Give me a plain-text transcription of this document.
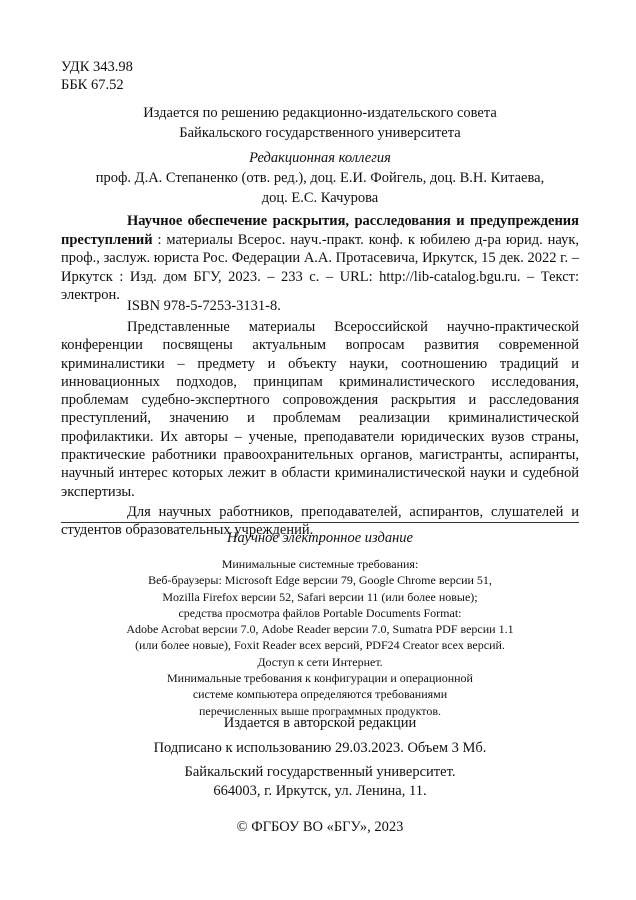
УДК 343.98
ББК 67.52
Издается по решению редакционно-издательского совета
Байкальского государственного университета
Редакционная коллегия
проф. Д.А. Степаненко (отв. ред.), доц. Е.И. Фойгель, доц. В.Н. Китаева,
доц. Е.С. Качурова

Научное обеспечение раскрытия, расследования и предупреждения преступлений : материалы Всерос. науч.-практ. конф. к юбилею д-ра юрид. наук, проф., заслуж. юриста Рос. Федерации А.А. Протасевича, Иркутск, 15 дек. 2022 г. – Иркутск : Изд. дом БГУ, 2023. – 233 с. – URL: http://lib-catalog.bgu.ru. – Текст: электрон.

ISBN 978-5-7253-3131-8.

Представленные материалы Всероссийской научно-практической конференции посвящены актуальным вопросам развития современной криминалистики – предмету и объекту науки, соотношению традиций и инновационных подходов, принципам криминалистического исследования, проблемам судебно-экспертного сопровождения раскрытия и расследования преступлений, значению и проблемам реализации криминалистической профилактики. Их авторы – ученые, преподаватели юридических вузов страны, практические работники правоохранительных органов, магистранты, аспиранты, научный интерес которых лежит в области криминалистической науки и судебной экспертизы.

Для научных работников, преподавателей, аспирантов, слушателей и студентов образовательных учреждений.

Научное электронное издание
Минимальные системные требования:
Веб-браузеры: Microsoft Edge версии 79, Google Chrome версии 51,
Mozilla Firefox версии 52, Safari версии 11 (или более новые);
средства просмотра файлов Portable Documents Format:
Adobe Acrobat версии 7.0, Adobe Reader версии 7.0, Sumatra PDF версии 1.1
(или более новые), Foxit Reader всех версий, PDF24 Creator всех версий.
Доступ к сети Интернет.
Минимальные требования к конфигурации и операционной
системе компьютера определяются требованиями
перечисленных выше программных продуктов.
Издается в авторской редакции
Подписано к использованию 29.03.2023. Объем 3 Мб.
Байкальский государственный университет.
664003, г. Иркутск, ул. Ленина, 11.
© ФГБОУ ВО «БГУ», 2023
